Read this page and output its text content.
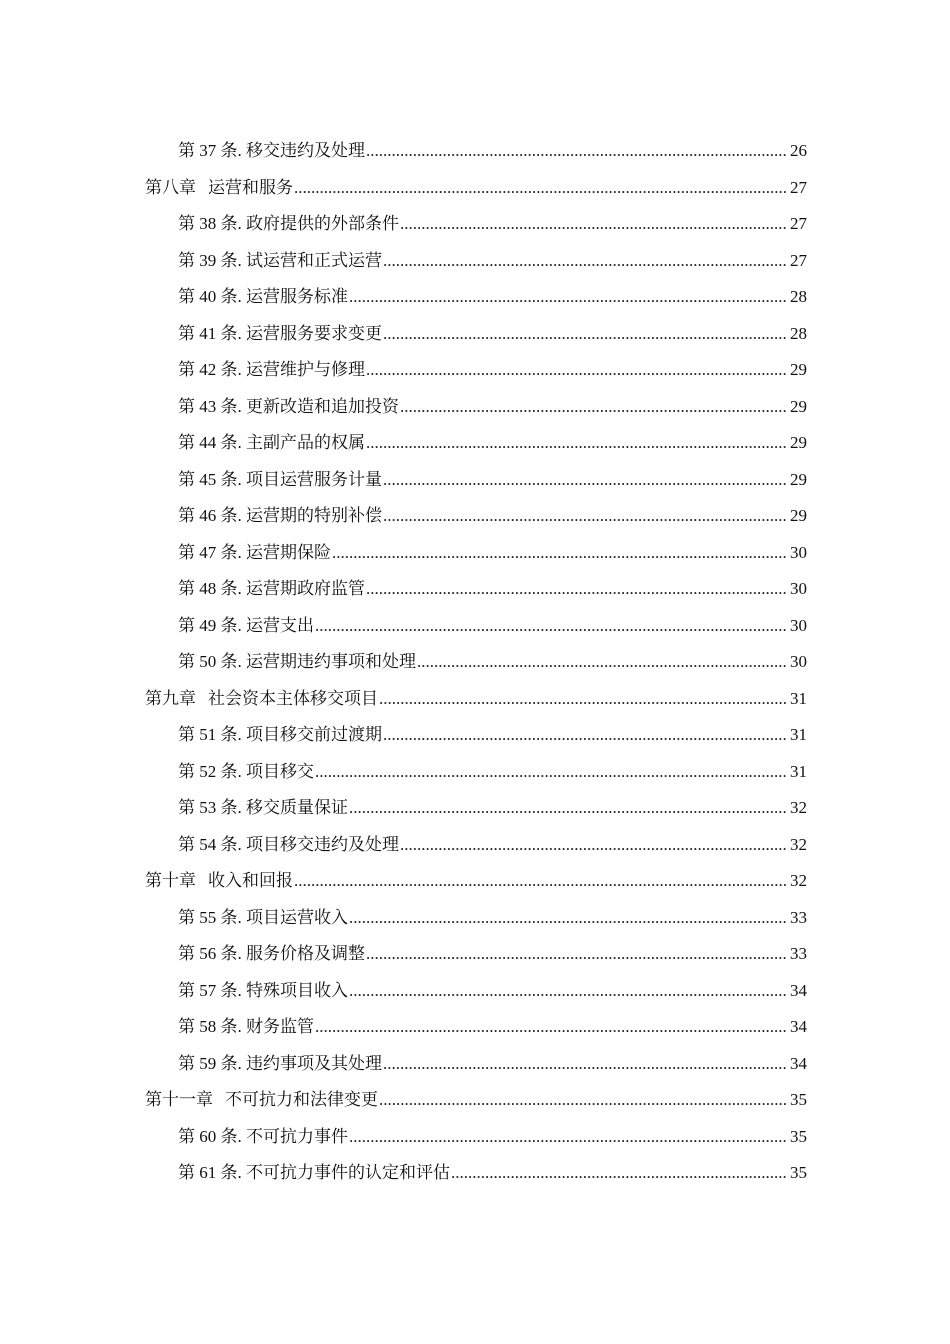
第 37 条. 移交违约及处理 .....	26
第八章 运营和服务 .....	27
第 38 条. 政府提供的外部条件 .....	27
第 39 条. 试运营和正式运营 .....	27
第 40 条. 运营服务标准 .....	28
第 41 条. 运营服务要求变更 .....	28
第 42 条. 运营维护与修理 .....	29
第 43 条. 更新改造和追加投资 .....	29
第 44 条. 主副产品的权属 .....	29
第 45 条. 项目运营服务计量 .....	29
第 46 条. 运营期的特别补偿 .....	29
第 47 条. 运营期保险 .....	30
第 48 条. 运营期政府监管 .....	30
第 49 条. 运营支出 .....	30
第 50 条. 运营期违约事项和处理 .....	30
第九章 社会资本主体移交项目 .....	31
第 51 条. 项目移交前过渡期 .....	31
第 52 条. 项目移交 .....	31
第 53 条. 移交质量保证 .....	32
第 54 条. 项目移交违约及处理 .....	32
第十章 收入和回报 .....	32
第 55 条. 项目运营收入 .....	33
第 56 条. 服务价格及调整 .....	33
第 57 条. 特殊项目收入 .....	34
第 58 条. 财务监管 .....	34
第 59 条. 违约事项及其处理 .....	34
第十一章 不可抗力和法律变更 .....	35
第 60 条. 不可抗力事件 .....	35
第 61 条. 不可抗力事件的认定和评估 .....	35
